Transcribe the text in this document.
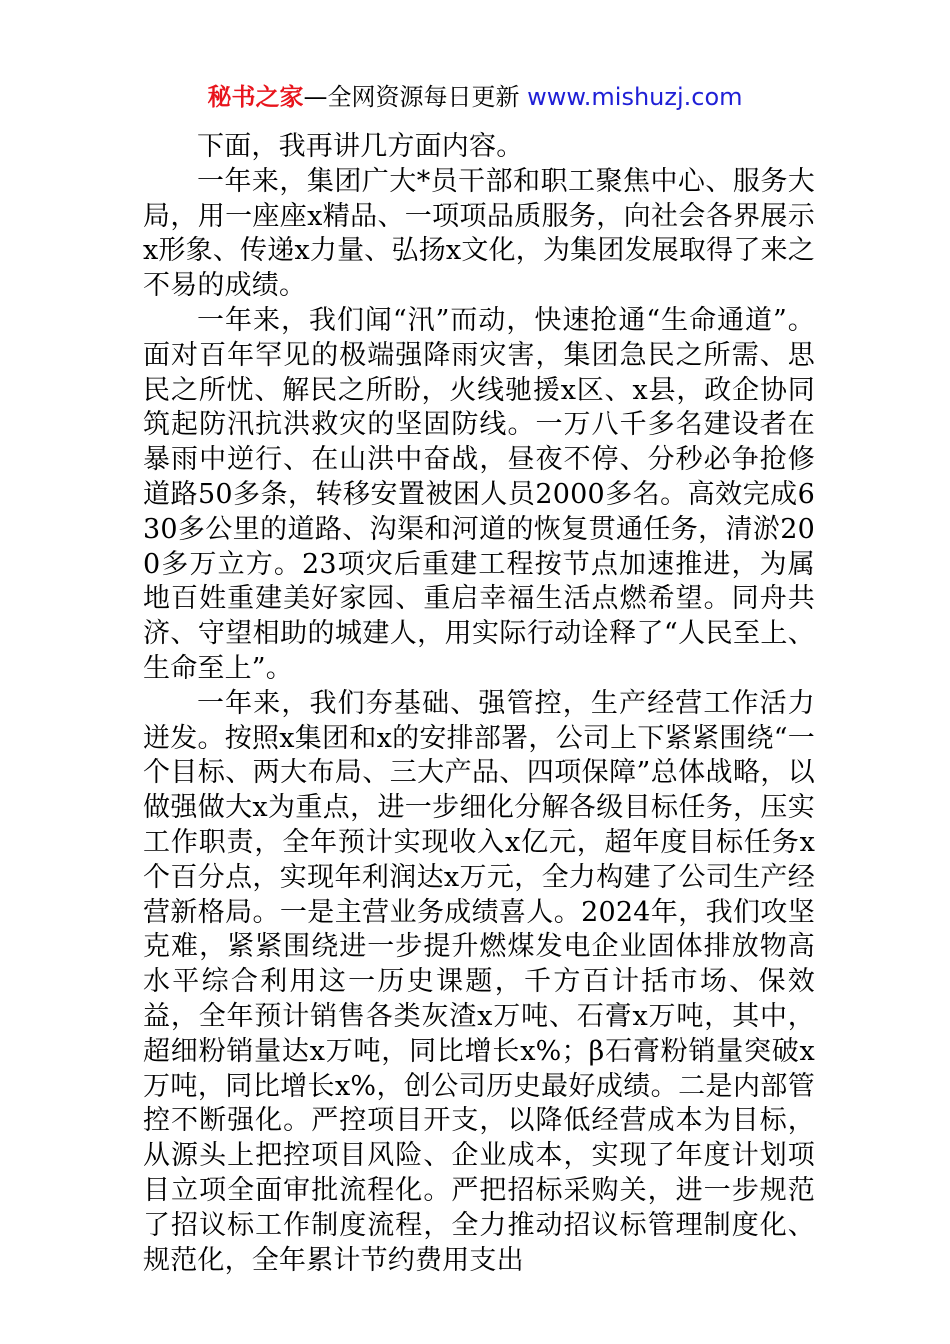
秘书之家—全网资源每日更新 www.mishuzj.com

下面，我再讲几方面内容。

一年来，集团广大*员干部和职工聚焦中心、服务大局，用一座座x精品、一项项品质服务，向社会各界展示x形象、传递x力量、弘扬x文化，为集团发展取得了来之不易的成绩。

一年来，我们闻“汛”而动，快速抢通“生命通道”。面对百年罕见的极端强降雨灾害，集团急民之所需、思民之所忧、解民之所盼，火线驰援x区、x县，政企协同筑起防汛抗洪救灾的坚固防线。一万八千多名建设者在暴雨中逆行、在山洪中奋战，昼夜不停、分秒必争抢修道路50多条，转移安置被困人员2000多名。高效完成630多公里的道路、沟渠和河道的恢复贯通任务，清淤200多万立方。23项灾后重建工程按节点加速推进，为属地百姓重建美好家园、重启幸福生活点燃希望。同舟共济、守望相助的城建人，用实际行动诠释了“人民至上、生命至上”。

一年来，我们夯基础、强管控，生产经营工作活力迸发。按照x集团和x的安排部署，公司上下紧紧围绕“一个目标、两大布局、三大产品、四项保障”总体战略，以做强做大x为重点，进一步细化分解各级目标任务，压实工作职责，全年预计实现收入x亿元，超年度目标任务x个百分点，实现年利润达x万元，全力构建了公司生产经营新格局。一是主营业务成绩喜人。2024年，我们攻坚克难，紧紧围绕进一步提升燃煤发电企业固体排放物高水平综合利用这一历史课题，千方百计括市场、保效益，全年预计销售各类灰渣x万吨、石膏x万吨，其中，超细粉销量达x万吨，同比增长x%；β石膏粉销量突破x万吨，同比增长x%，创公司历史最好成绩。二是内部管控不断强化。严控项目开支，以降低经营成本为目标，从源头上把控项目风险、企业成本，实现了年度计划项目立项全面审批流程化。严把招标采购关，进一步规范了招议标工作制度流程，全力推动招议标管理制度化、规范化，全年累计节约费用支出
